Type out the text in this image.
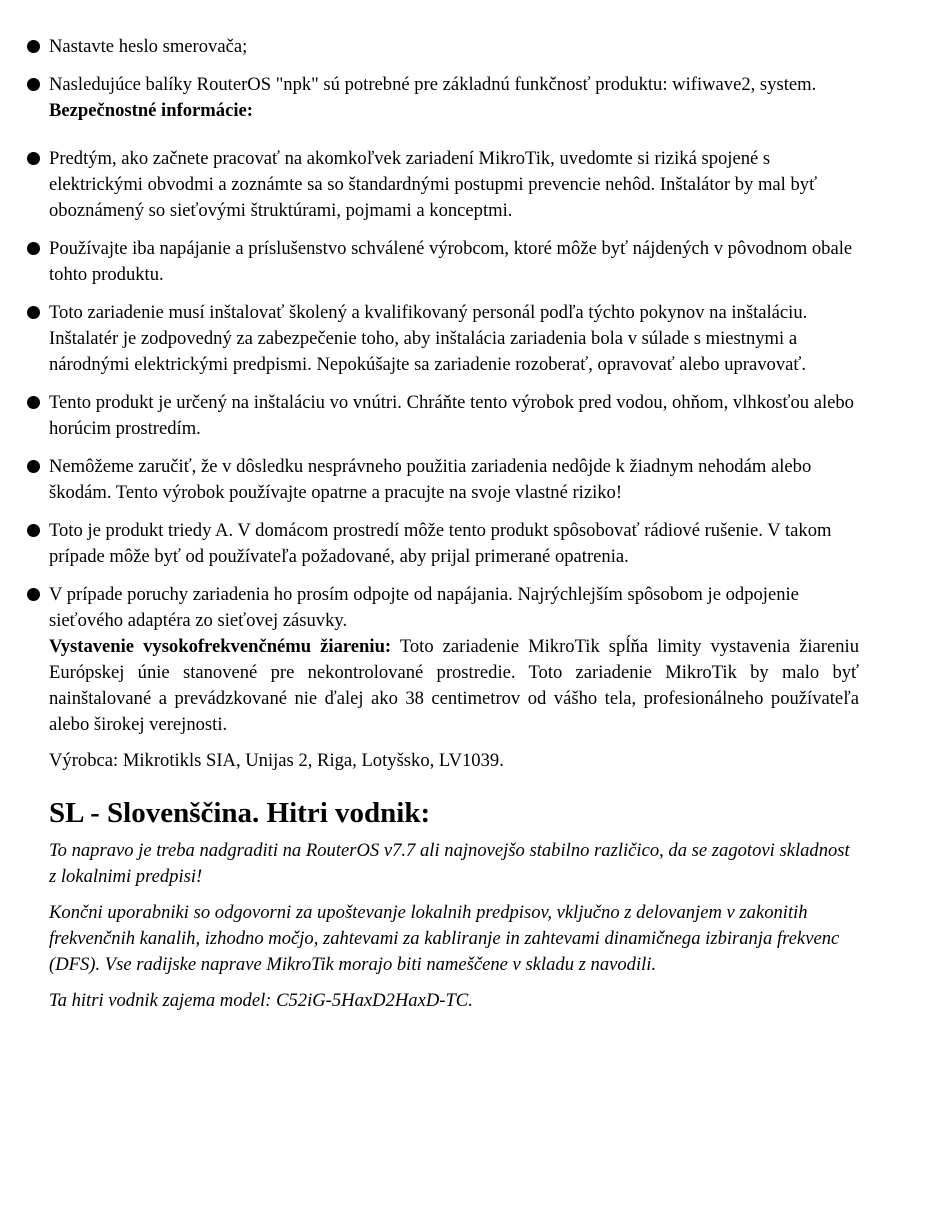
Nastavte heslo smerovača;
Nasledujúce balíky RouterOS "npk" sú potrebné pre základnú funkčnosť produktu: wifiwave2, system.
Bezpečnostné informácie:
Predtým, ako začnete pracovať na akomkoľvek zariadení MikroTik, uvedomte si riziká spojené s elektrickými obvodmi a zoznámte sa so štandardnými postupmi prevencie nehôd. Inštalátor by mal byť oboznámený so sieťovými štruktúrami, pojmami a konceptmi.
Používajte iba napájanie a príslušenstvo schválené výrobcom, ktoré môže byť nájdených v pôvodnom obale tohto produktu.
Toto zariadenie musí inštalovať školený a kvalifikovaný personál podľa týchto pokynov na inštaláciu. Inštalatér je zodpovedný za zabezpečenie toho, aby inštalácia zariadenia bola v súlade s miestnymi a národnými elektrickými predpismi. Nepokúšajte sa zariadenie rozoberať, opravovať alebo upravovať.
Tento produkt je určený na inštaláciu vo vnútri. Chráňte tento výrobok pred vodou, ohňom, vlhkosťou alebo horúcim prostredím.
Nemôžeme zaručiť, že v dôsledku nesprávneho použitia zariadenia nedôjde k žiadnym nehodám alebo škodám. Tento výrobok používajte opatrne a pracujte na svoje vlastné riziko!
Toto je produkt triedy A. V domácom prostredí môže tento produkt spôsobovať rádiové rušenie. V takom prípade môže byť od používateľa požadované, aby prijal primerané opatrenia.
V prípade poruchy zariadenia ho prosím odpojte od napájania. Najrýchlejším spôsobom je odpojenie sieťového adaptéra zo sieťovej zásuvky.

Vystavenie vysokofrekvenčnému žiareniu: Toto zariadenie MikroTik spĺňa limity vystavenia žiareniu Európskej únie stanovené pre nekontrolované prostredie. Toto zariadenie MikroTik by malo byť nainštalované a prevádzkované nie ďalej ako 38 centimetrov od vášho tela, profesionálneho používateľa alebo širokej verejnosti.

Výrobca: Mikrotikls SIA, Unijas 2, Riga, Lotyšsko, LV1039.

SL - Slovenščina. Hitri vodnik:

To napravo je treba nadgraditi na RouterOS v7.7 ali najnovejšo stabilno različico, da se zagotovi skladnost z lokalnimi predpisi!

Končni uporabniki so odgovorni za upoštevanje lokalnih predpisov, vključno z delovanjem v zakonitih frekvenčnih kanalih, izhodno močjo, zahtevami za kabliranje in zahtevami dinamičnega izbiranja frekvenc (DFS). Vse radijske naprave MikroTik morajo biti nameščene v skladu z navodili.

Ta hitri vodnik zajema model: C52iG-5HaxD2HaxD-TC.
